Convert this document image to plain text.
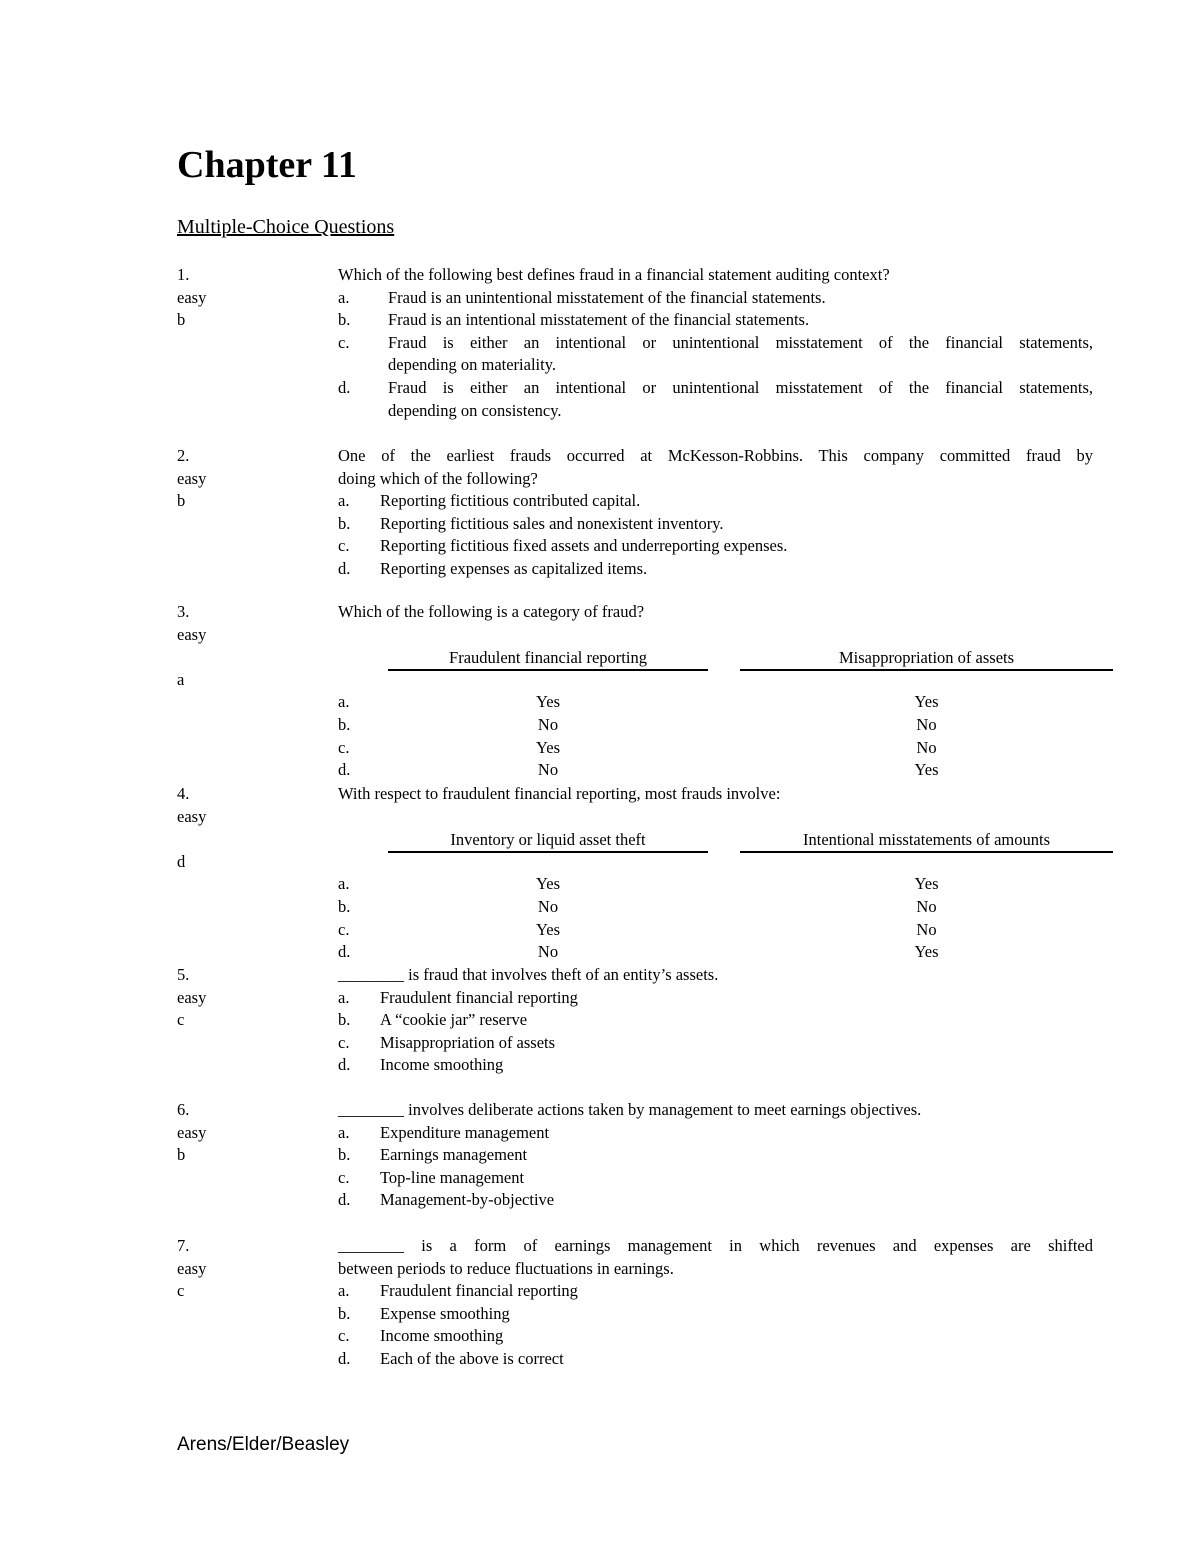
Chapter 11
Multiple-Choice Questions
1.
easy
b
Which of the following best defines fraud in a financial statement auditing context?
a. Fraud is an unintentional misstatement of the financial statements.
b. Fraud is an intentional misstatement of the financial statements.
c. Fraud is either an intentional or unintentional misstatement of the financial statements,
depending on materiality.
d. Fraud is either an intentional or unintentional misstatement of the financial statements,
depending on consistency.
2.
easy
b
One of the earliest frauds occurred at McKesson-Robbins. This company committed fraud by
doing which of the following?
a. Reporting fictitious contributed capital.
b. Reporting fictitious sales and nonexistent inventory.
c. Reporting fictitious fixed assets and underreporting expenses.
d. Reporting expenses as capitalized items.
3.
easy
a
Which of the following is a category of fraud?
Fraudulent financial reporting	Misappropriation of assets
a.	Yes	Yes
b.	No	No
c.	Yes	No
d.	No	Yes
4.
easy
d
With respect to fraudulent financial reporting, most frauds involve:
Inventory or liquid asset theft	Intentional misstatements of amounts
a.	Yes	Yes
b.	No	No
c.	Yes	No
d.	No	Yes
5.
easy
c
________ is fraud that involves theft of an entity’s assets.
a. Fraudulent financial reporting
b. A “cookie jar” reserve
c. Misappropriation of assets
d. Income smoothing
6.
easy
b
________ involves deliberate actions taken by management to meet earnings objectives.
a. Expenditure management
b. Earnings management
c. Top-line management
d. Management-by-objective
7.
easy
c
________ is a form of earnings management in which revenues and expenses are shifted
between periods to reduce fluctuations in earnings.
a. Fraudulent financial reporting
b. Expense smoothing
c. Income smoothing
d. Each of the above is correct
Arens/Elder/Beasley
